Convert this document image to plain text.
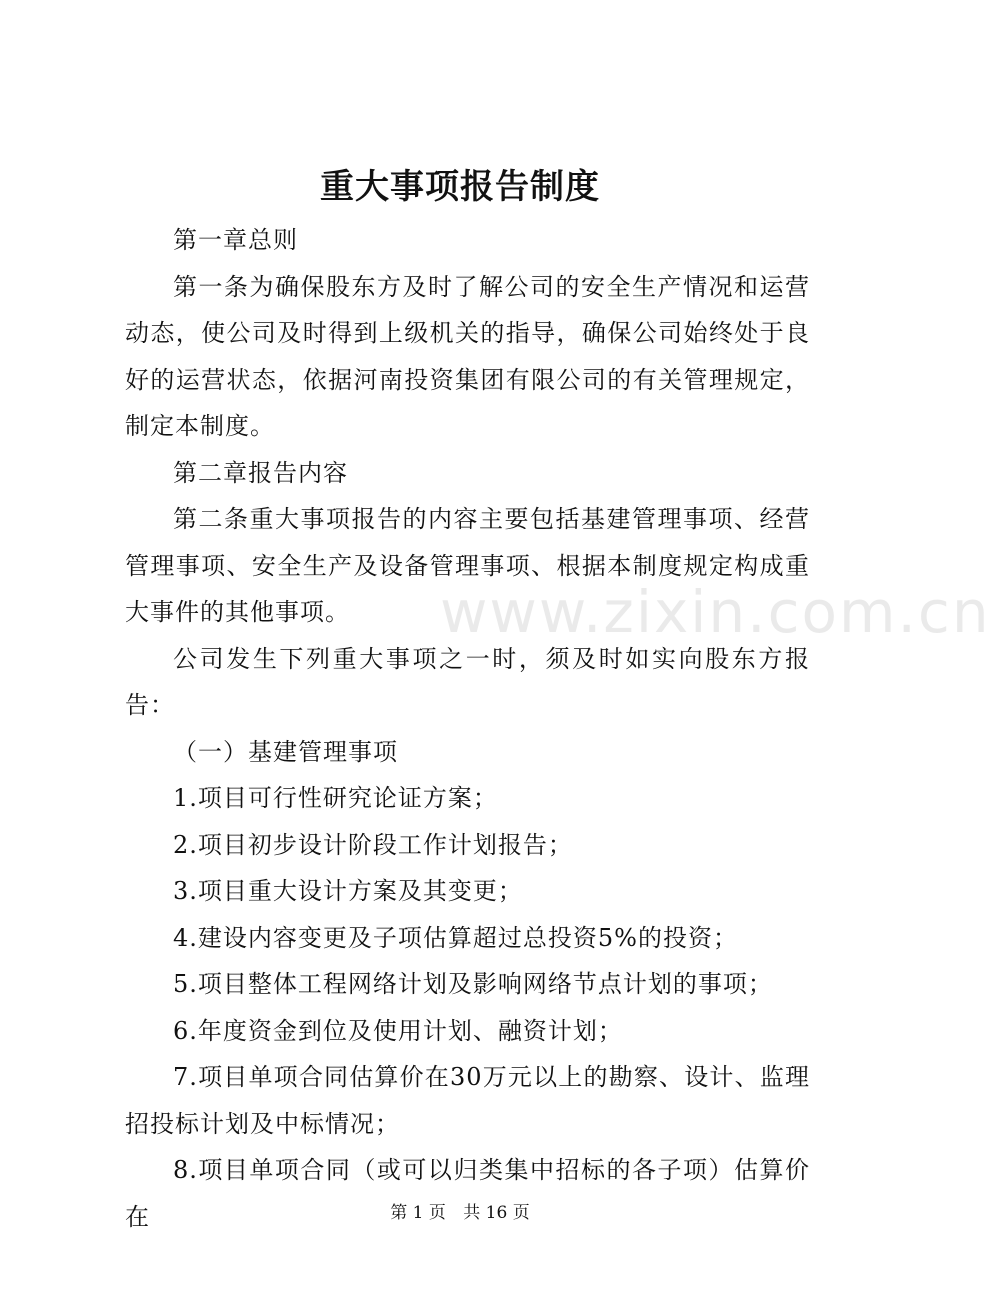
重大事项报告制度

第一章总则

第一条为确保股东方及时了解公司的安全生产情况和运营动态，使公司及时得到上级机关的指导，确保公司始终处于良好的运营状态，依据河南投资集团有限公司的有关管理规定，制定本制度。

第二章报告内容

第二条重大事项报告的内容主要包括基建管理事项、经营管理事项、安全生产及设备管理事项、根据本制度规定构成重大事件的其他事项。

公司发生下列重大事项之一时，须及时如实向股东方报告：

（一）基建管理事项

1.项目可行性研究论证方案；

2.项目初步设计阶段工作计划报告；

3.项目重大设计方案及其变更；

4.建设内容变更及子项估算超过总投资5%的投资；

5.项目整体工程网络计划及影响网络节点计划的事项；

6.年度资金到位及使用计划、融资计划；

7.项目单项合同估算价在30万元以上的勘察、设计、监理招投标计划及中标情况；

8.项目单项合同（或可以归类集中招标的各子项）估算价在

www.zixin.com.cn
第 1 页 共 16 页
